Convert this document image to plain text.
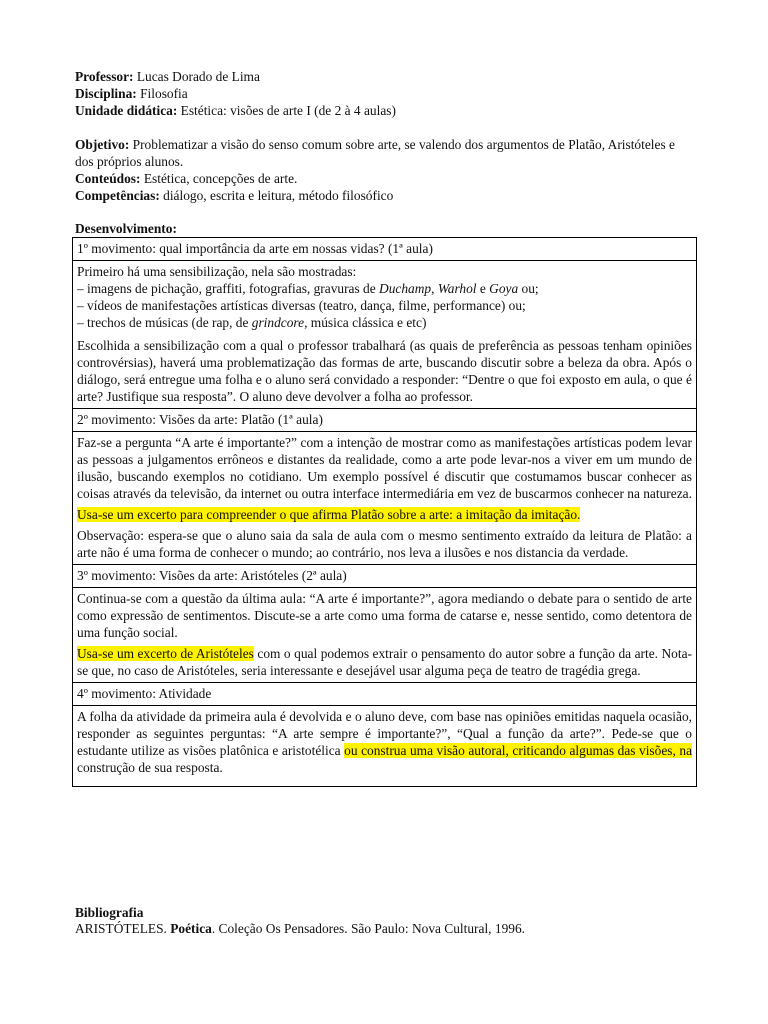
Professor: Lucas Dorado de Lima

Disciplina: Filosofia

Unidade didática: Estética: visões de arte I (de 2 à 4 aulas)

Objetivo: Problematizar a visão do senso comum sobre arte, se valendo dos argumentos de Platão, Aristóteles e dos próprios alunos.

Conteúdos: Estética, concepções de arte.

Competências: diálogo, escrita e leitura, método filosófico

Desenvolvimento:
1º movimento: qual importância da arte em nossas vidas? (1ª aula)

Primeiro há uma sensibilização, nela são mostradas:
– imagens de pichação, graffiti, fotografias, gravuras de Duchamp, Warhol e Goya ou;
– vídeos de manifestações artísticas diversas (teatro, dança, filme, performance) ou;
– trechos de músicas (de rap, de grindcore, música clássica e etc)

Escolhida a sensibilização com a qual o professor trabalhará (as quais de preferência as pessoas tenham opiniões controvérsias), haverá uma problematização das formas de arte, buscando discutir sobre a beleza da obra. Após o diálogo, será entregue uma folha e o aluno será convidado a responder: “Dentre o que foi exposto em aula, o que é arte? Justifique sua resposta”. O aluno deve devolver a folha ao professor.

2º movimento: Visões da arte: Platão (1ª aula)

Faz-se a pergunta “A arte é importante?” com a intenção de mostrar como as manifestações artísticas podem levar as pessoas a julgamentos errôneos e distantes da realidade, como a arte pode levar-nos a viver em um mundo de ilusão, buscando exemplos no cotidiano. Um exemplo possível é discutir que costumamos buscar conhecer as coisas através da televisão, da internet ou outra interface intermediária em vez de buscarmos conhecer na natureza.

Usa-se um excerto para compreender o que afirma Platão sobre a arte: a imitação da imitação.

Observação: espera-se que o aluno saia da sala de aula com o mesmo sentimento extraído da leitura de Platão: a arte não é uma forma de conhecer o mundo; ao contrário, nos leva a ilusões e nos distancia da verdade.

3º movimento: Visões da arte: Aristóteles (2ª aula)

Continua-se com a questão da última aula: “A arte é importante?”, agora mediando o debate para o sentido de arte como expressão de sentimentos. Discute-se a arte como uma forma de catarse e, nesse sentido, como detentora de uma função social.

Usa-se um excerto de Aristóteles com o qual podemos extrair o pensamento do autor sobre a função da arte. Nota-se que, no caso de Aristóteles, seria interessante e desejável usar alguma peça de teatro de tragédia grega.

4º movimento: Atividade

A folha da atividade da primeira aula é devolvida e o aluno deve, com base nas opiniões emitidas naquela ocasião, responder as seguintes perguntas: “A arte sempre é importante?”, “Qual a função da arte?”. Pede-se que o estudante utilize as visões platônica e aristotélica ou construa uma visão autoral, criticando algumas das visões, na construção de sua resposta.

Bibliografia
ARISTÓTELES. Poética. Coleção Os Pensadores. São Paulo: Nova Cultural, 1996.
